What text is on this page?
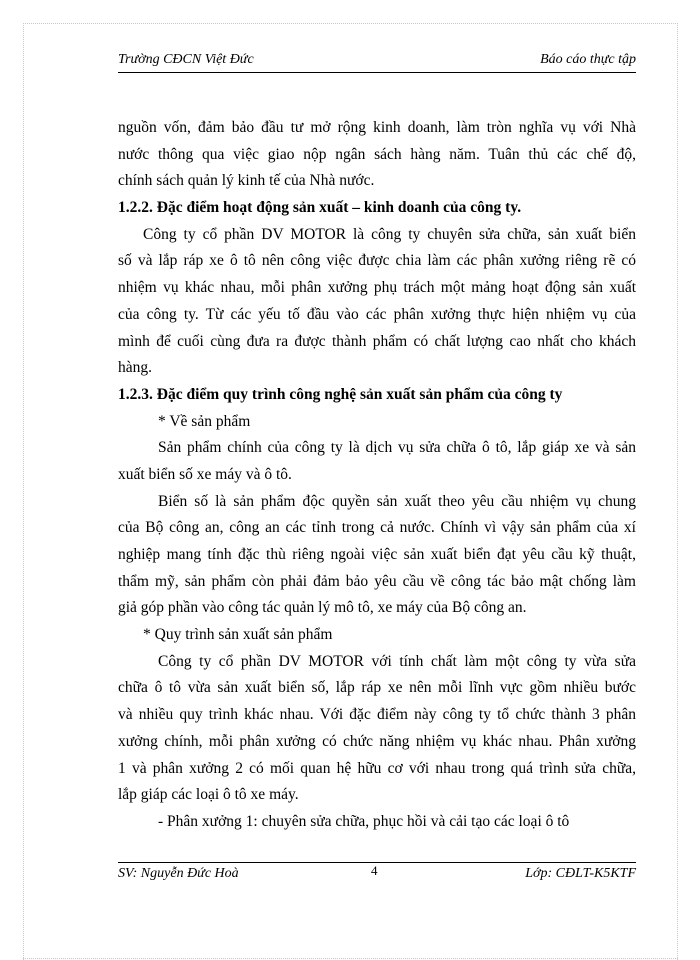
Trường CĐCN Việt Đức	Báo cáo thực tập
nguồn vốn, đảm bảo đầu tư mở rộng kinh doanh, làm tròn nghĩa vụ với Nhà
nước thông qua việc giao nộp ngân sách hàng năm. Tuân thủ các chế độ,
chính sách quản lý kinh tế của Nhà nước.
1.2.2. Đặc điểm hoạt động sản xuất – kinh doanh của công ty.
Công ty cổ phần DV MOTOR là công ty chuyên sửa chữa, sản xuất biển
số và lắp ráp xe ô tô nên công việc được chia làm các phân xưởng riêng rẽ có
nhiệm vụ khác nhau, mỗi phân xưởng phụ trách một mảng hoạt động sản xuất
của công ty. Từ các yếu tố đầu vào các phân xưởng thực hiện nhiệm vụ của
mình để cuối cùng đưa ra được thành phẩm có chất lượng cao nhất cho khách
hàng.
1.2.3. Đặc điểm quy trình công nghệ sản xuất sản phẩm của công ty
* Về sản phẩm
Sản phẩm chính của công ty là dịch vụ sửa chữa ô tô, lắp giáp xe và sản
xuất biển số xe máy và ô tô.
Biển số là sản phẩm độc quyền sản xuất theo yêu cầu nhiệm vụ chung
của Bộ công an, công an các tỉnh trong cả nước. Chính vì vậy sản phẩm của xí
nghiệp mang tính đặc thù riêng ngoài việc sản xuất biển đạt yêu cầu kỹ thuật,
thẩm mỹ, sản phẩm còn phải đảm bảo yêu cầu về công tác bảo mật chống làm
giả góp phần vào công tác quản lý mô tô, xe máy của Bộ công an.
* Quy trình sản xuất sản phẩm
Công ty cổ phần DV MOTOR với tính chất làm một công ty vừa sửa
chữa ô tô vừa sản xuất biển số, lắp ráp xe nên mỗi lĩnh vực gồm nhiều bước
và nhiều quy trình khác nhau. Với đặc điểm này công ty tổ chức thành 3 phân
xưởng chính, mỗi phân xưởng có chức năng nhiệm vụ khác nhau. Phân xưởng
1 và phân xưởng 2 có mối quan hệ hữu cơ với nhau trong quá trình sửa chữa,
lắp giáp các loại ô tô xe máy.
- Phân xưởng 1: chuyên sửa chữa, phục hồi và cải tạo các loại ô tô
SV: Nguyễn Đức Hoà	4	Lớp: CĐLT-K5KTF
